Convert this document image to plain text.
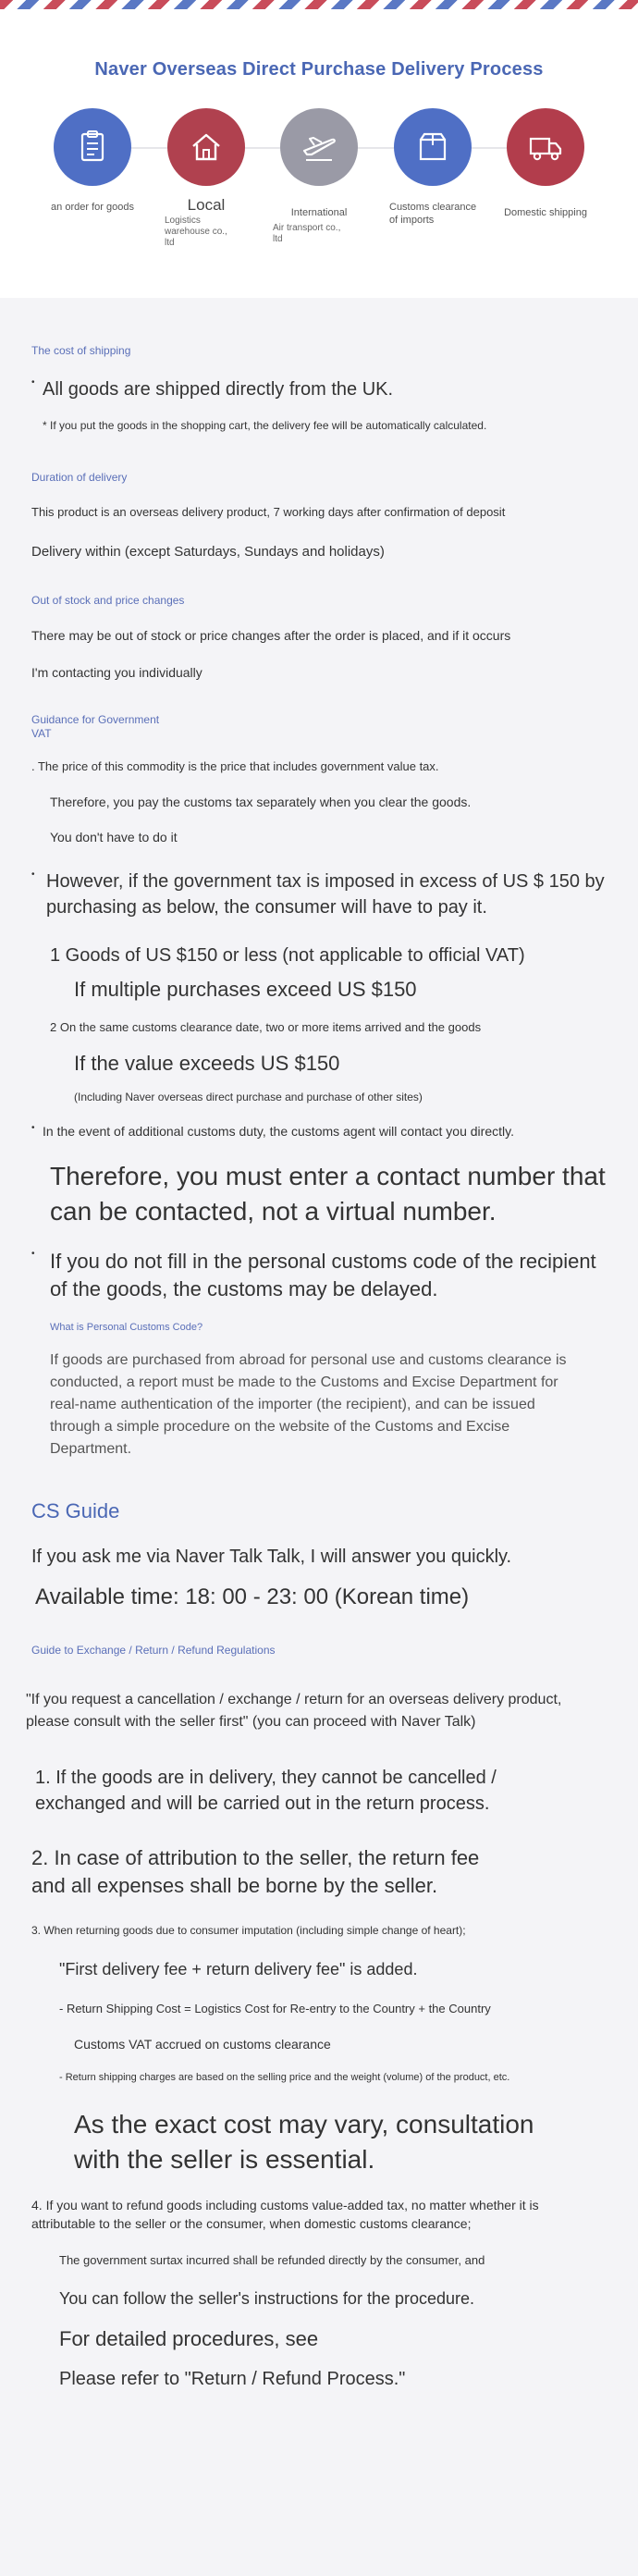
Naver Overseas Direct Purchase Delivery Process
an order for goods	Local
Logistics warehouse co., ltd
International
Air transport co., ltd
Customs clearance of imports
Domestic shipping
The cost of shipping

• All goods are shipped directly from the UK.

* If you put the goods in the shopping cart, the delivery fee will be automatically calculated.

Duration of delivery

This product is an overseas delivery product, 7 working days after confirmation of deposit

Delivery within (except Saturdays, Sundays and holidays)

Out of stock and price changes

There may be out of stock or price changes after the order is placed, and if it occurs

I'm contacting you individually

Guidance for Government VAT

. The price of this commodity is the price that includes government value tax.

Therefore, you pay the customs tax separately when you clear the goods.

You don't have to do it

• However, if the government tax is imposed in excess of US $ 150 by purchasing as below, the consumer will have to pay it.

1 Goods of US $150 or less (not applicable to official VAT)

If multiple purchases exceed US $150

2 On the same customs clearance date, two or more items arrived and the goods

If the value exceeds US $150

(Including Naver overseas direct purchase and purchase of other sites)

• In the event of additional customs duty, the customs agent will contact you directly.

Therefore, you must enter a contact number that can be contacted, not a virtual number.

• If you do not fill in the personal customs code of the recipient of the goods, the customs may be delayed.

What is Personal Customs Code?

If goods are purchased from abroad for personal use and customs clearance is conducted, a report must be made to the Customs and Excise Department for real-name authentication of the importer (the recipient), and can be issued through a simple procedure on the website of the Customs and Excise Department.

CS Guide

If you ask me via Naver Talk Talk, I will answer you quickly.

Available time: 18: 00 - 23: 00 (Korean time)

Guide to Exchange / Return / Refund Regulations

"If you request a cancellation / exchange / return for an overseas delivery product, please consult with the seller first" (you can proceed with Naver Talk)

1. If the goods are in delivery, they cannot be cancelled / exchanged and will be carried out in the return process.

2. In case of attribution to the seller, the return fee and all expenses shall be borne by the seller.

3. When returning goods due to consumer imputation (including simple change of heart);

"First delivery fee + return delivery fee" is added.

- Return Shipping Cost = Logistics Cost for Re-entry to the Country + the Country

Customs VAT accrued on customs clearance

- Return shipping charges are based on the selling price and the weight (volume) of the product, etc.

As the exact cost may vary, consultation with the seller is essential.

4. If you want to refund goods including customs value-added tax, no matter whether it is attributable to the seller or the consumer, when domestic customs clearance;

The government surtax incurred shall be refunded directly by the consumer, and

You can follow the seller's instructions for the procedure.

For detailed procedures, see

Please refer to "Return / Refund Process."
